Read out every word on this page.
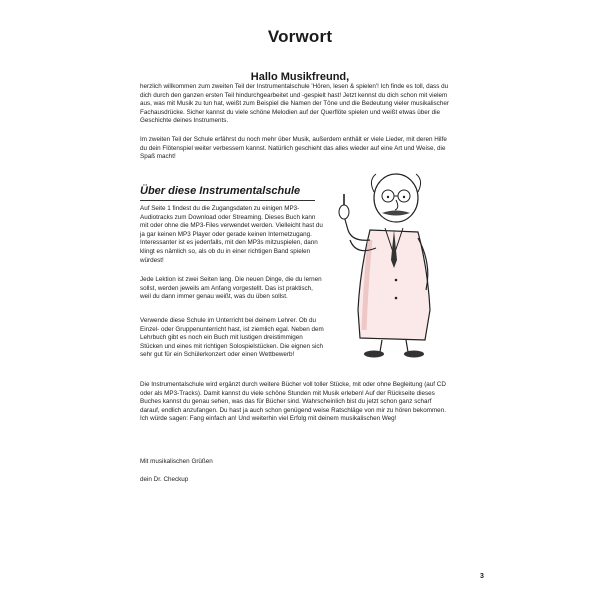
Vorwort
Hallo Musikfreund,
herzlich willkommen zum zweiten Teil der Instrumentalschule 'Hören, lesen & spielen'! Ich finde es toll, dass du dich durch den ganzen ersten Teil hindurchgearbeitet und -gespielt hast! Jetzt kennst du dich schon mit vielem aus, was mit Musik zu tun hat, weißt zum Beispiel die Namen der Töne und die Bedeutung vieler musikalischer Fachausdrücke. Sicher kannst du viele schöne Melodien auf der Querflöte spielen und weißt etwas über die Geschichte deines Instruments.
Im zweiten Teil der Schule erfährst du noch mehr über Musik, außerdem enthält er viele Lieder, mit deren Hilfe du dein Flötenspiel weiter verbessern kannst. Natürlich geschieht das alles wieder auf eine Art und Weise, die Spaß macht!
Über diese Instrumentalschule
Auf Seite 1 findest du die Zugangsdaten zu einigen MP3-Audiotracks zum Download oder Streaming. Dieses Buch kann mit oder ohne die MP3-Files verwendet werden. Vielleicht hast du ja gar keinen MP3 Player oder gerade keinen Internetzugang. Interessanter ist es jedenfalls, mit den MP3s mitzuspielen, dann klingt es nämlich so, als ob du in einer richtigen Band spielen würdest!
Jede Lektion ist zwei Seiten lang. Die neuen Dinge, die du lernen sollst, werden jeweils am Anfang vorgestellt. Das ist praktisch, weil du dann immer genau weißt, was du üben sollst.
Verwende diese Schule im Unterricht bei deinem Lehrer. Ob du Einzel- oder Gruppenunterricht hast, ist ziemlich egal. Neben dem Lehrbuch gibt es noch ein Buch mit lustigen dreistimmigen Stücken und eines mit richtigen Solospielstücken. Die eignen sich sehr gut für ein Schülerkonzert oder einen Wettbewerb!
Die Instrumentalschule wird ergänzt durch weitere Bücher voll toller Stücke, mit oder ohne Begleitung (auf CD oder als MP3-Tracks). Damit kannst du viele schöne Stunden mit Musik erleben! Auf der Rückseite dieses Buches kannst du genau sehen, was das für Bücher sind. Wahrscheinlich bist du jetzt schon ganz scharf darauf, endlich anzufangen. Du hast ja auch schon genügend weise Ratschläge von mir zu hören bekommen. Ich würde sagen: Fang einfach an! Und weiterhin viel Erfolg mit deinem musikalischen Weg!
Mit musikalischen Grüßen
dein Dr. Checkup
3
